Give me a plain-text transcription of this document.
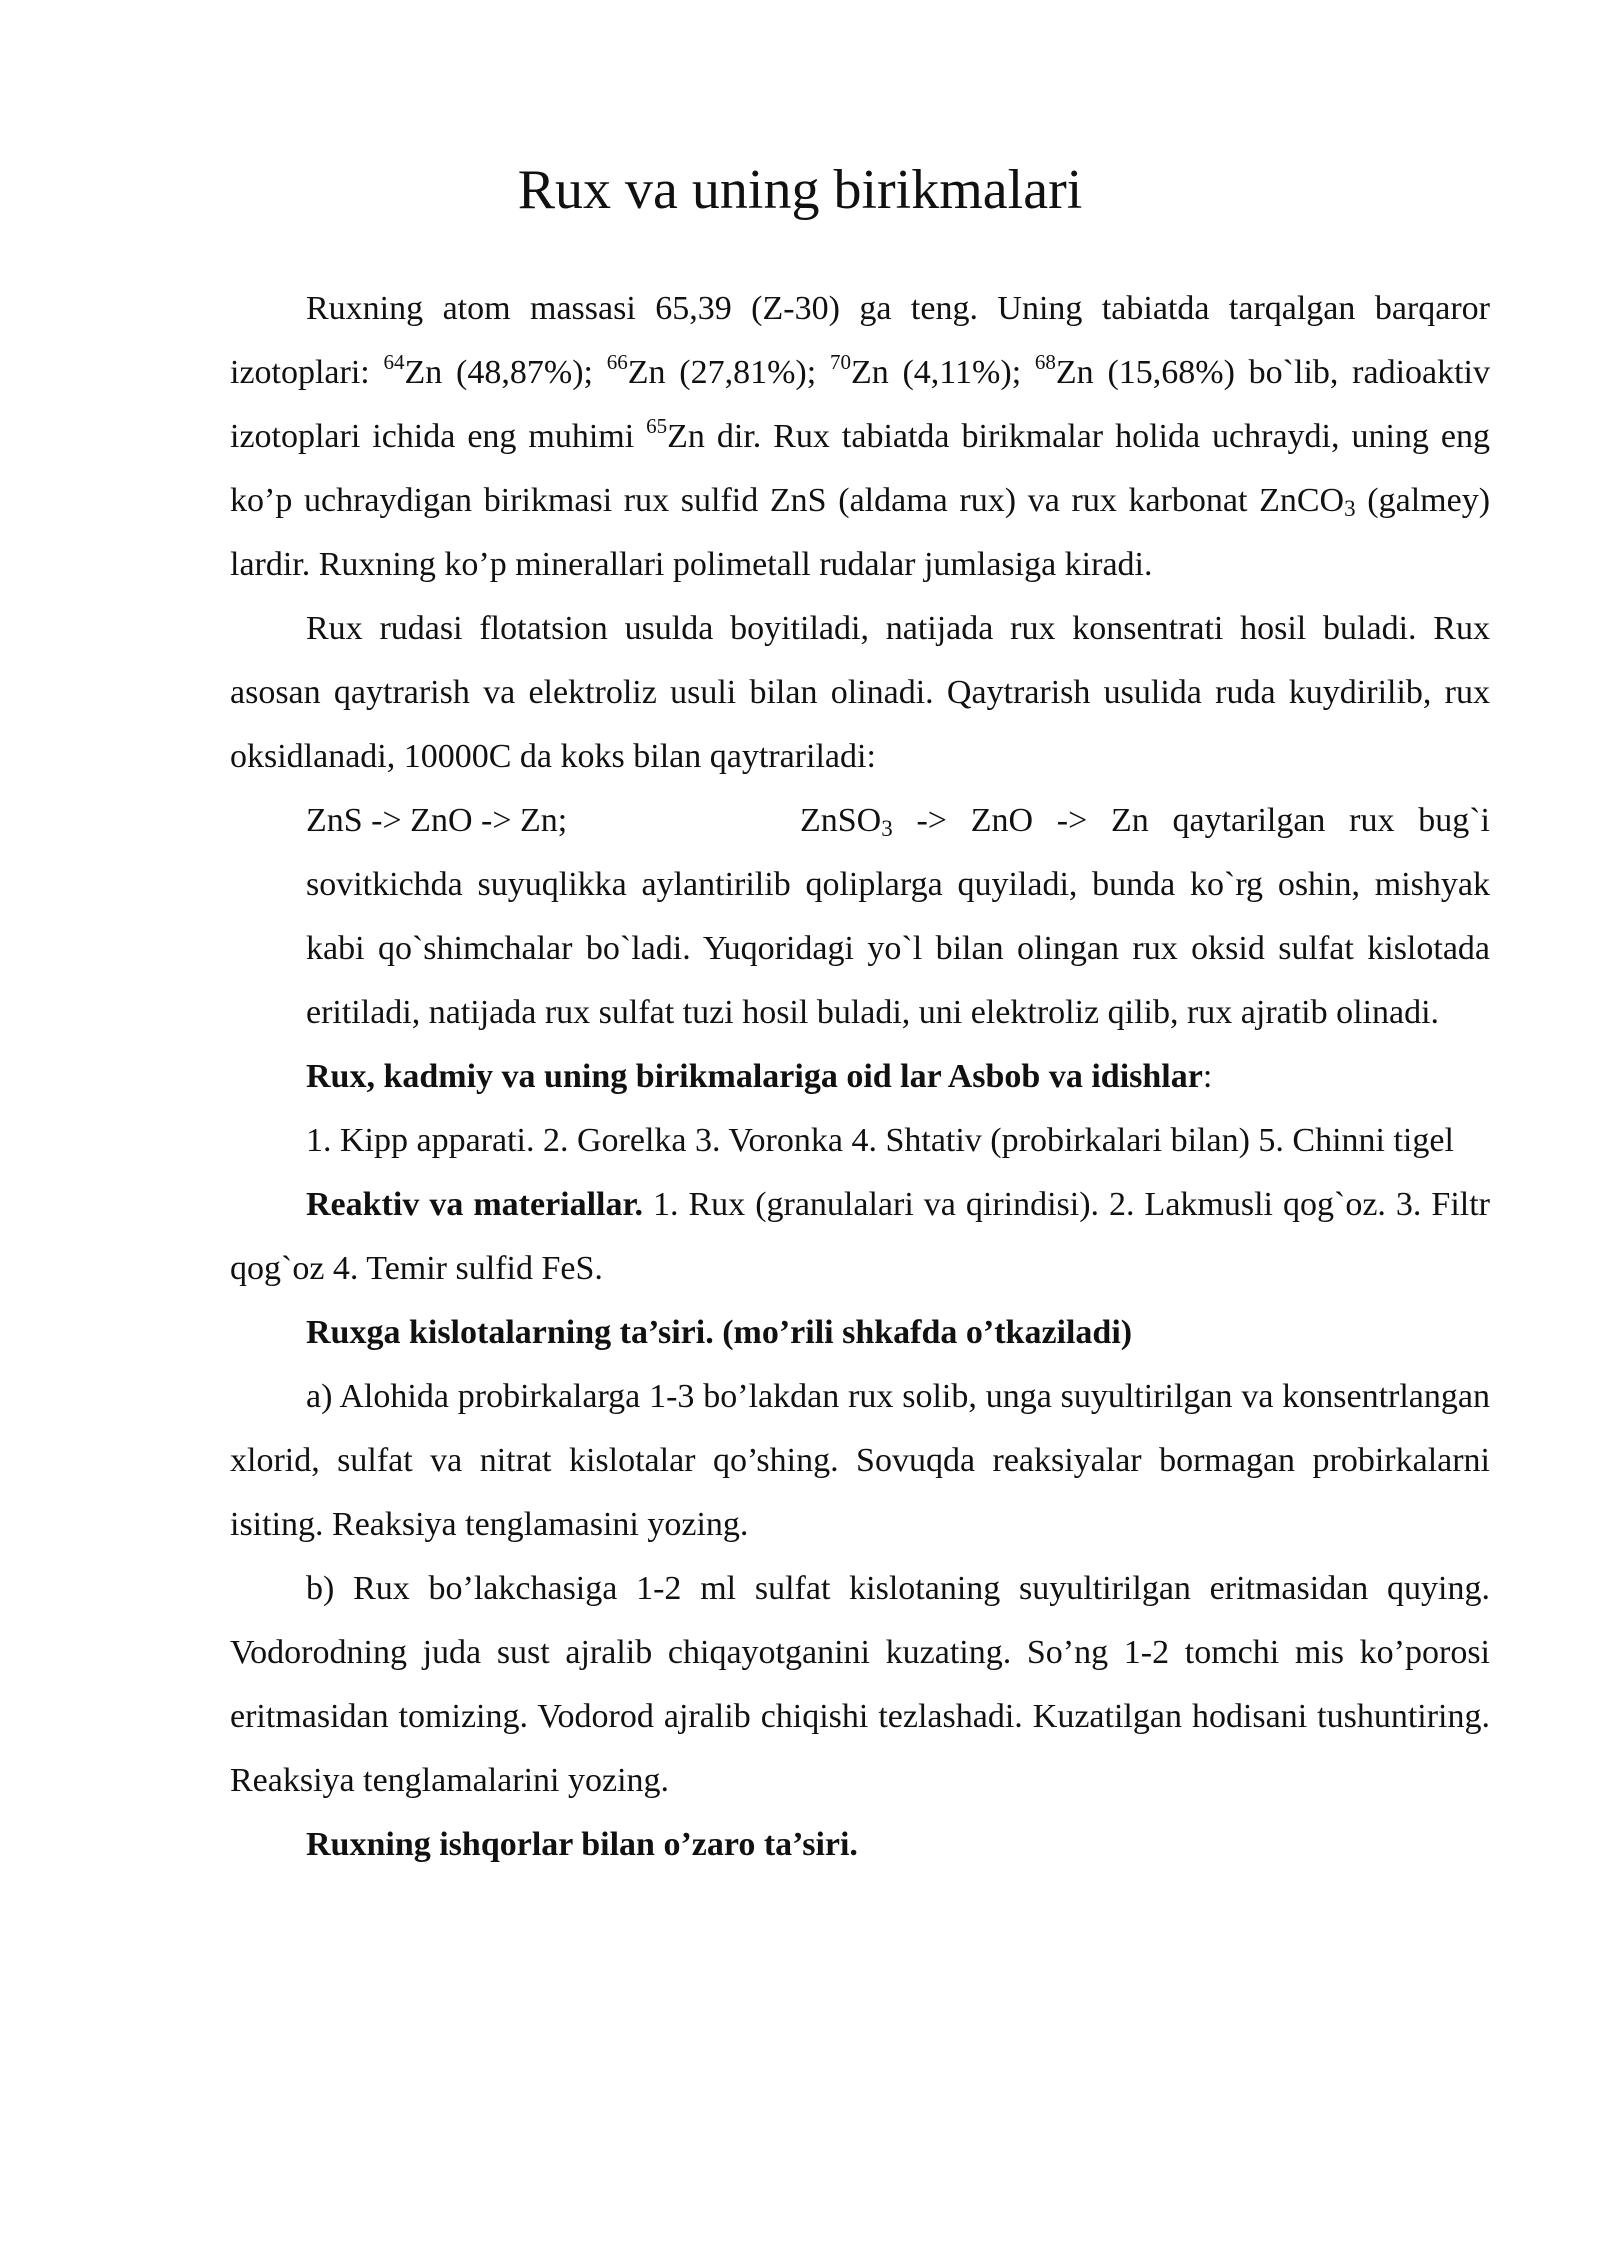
Rux va uning birikmalari

Ruxning atom massasi 65,39 (Z-30) ga teng. Uning tabiatda tarqalgan barqaror izotoplari: $^{64}$Zn (48,87%); $^{66}$Zn (27,81%); $^{70}$Zn (4,11%); $^{68}$Zn (15,68%) bo`lib, radioaktiv izotoplari ichida eng muhimi $^{65}$Zn dir. Rux tabiatda birikmalar holida uchraydi, uning eng ko’p uchraydigan birikmasi rux sulfid ZnS (aldama rux) va rux karbonat ZnCO$_3$ (galmey) lardir. Ruxning ko’p minerallari polimetall rudalar jumlasiga kiradi.

Rux rudasi flotatsion usulda boyitiladi, natijada rux konsentrati hosil buladi. Rux asosan qaytrarish va elektroliz usuli bilan olinadi. Qaytrarish usulida ruda kuydirilib, rux oksidlanadi, 10000C da koks bilan qaytrariladi:

ZnS -> ZnO -> Zn;	ZnSO$_3$ -> ZnO -> Zn qaytarilgan rux bug`i sovitkichda suyuqlikka aylantirilib qoliplarga quyiladi, bunda ko`rg oshin, mishyak kabi qo`shimchalar bo`ladi. Yuqoridagi yo`l bilan olingan rux oksid sulfat kislotada eritiladi, natijada rux sulfat tuzi hosil buladi, uni elektroliz qilib, rux ajratib olinadi.

Rux, kadmiy va uning birikmalariga oid lar Asbob va idishlar:

1. Kipp apparati. 2. Gorelka 3. Voronka 4. Shtativ (probirkalari bilan) 5. Chinni tigel

Reaktiv va materiallar. 1. Rux (granulalari va qirindisi). 2. Lakmusli qog`oz. 3. Filtr qog`oz 4. Temir sulfid FeS.

Ruxga kislotalarning ta’siri. (mo’rili shkafda o’tkaziladi)

a) Alohida probirkalarga 1-3 bo’lakdan rux solib, unga suyultirilgan va konsentrlangan xlorid, sulfat va nitrat kislotalar qo’shing. Sovuqda reaksiyalar bormagan probirkalarni isiting. Reaksiya tenglamasini yozing.

b) Rux bo’lakchasiga 1-2 ml sulfat kislotaning suyultirilgan eritmasidan quying. Vodorodning juda sust ajralib chiqayotganini kuzating. So’ng 1-2 tomchi mis ko’porosi eritmasidan tomizing. Vodorod ajralib chiqishi tezlashadi. Kuzatilgan hodisani tushuntiring. Reaksiya tenglamalarini yozing.

Ruxning ishqorlar bilan o’zaro ta’siri.
